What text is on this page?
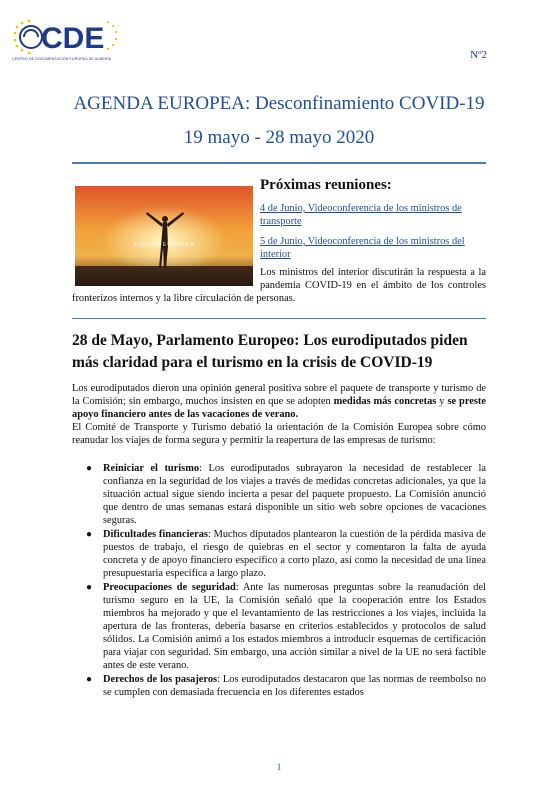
CDE
CENTRO DE DOCUMENTACIÓN EUROPEA DE ALMERÍA	Nº2
AGENDA EUROPEA: Desconfinamiento COVID-19
19 mayo - 28 mayo 2020
AGENDA EUROPEA
Próximas reuniones:
4 de Junio, Videoconferencia de los ministros de transporte
5 de Junio, Videoconferencia de los ministros del interior
Los ministros del interior discutirán la respuesta a la pandemia COVID-19 en el ámbito de los controles fronterizos internos y la libre circulación de personas.
28 de Mayo, Parlamento Europeo: Los eurodiputados piden más claridad para el turismo en la crisis de COVID-19
Los eurodiputados dieron una opinión general positiva sobre el paquete de transporte y turismo de la Comisión; sin embargo, muchos insisten en que se adopten medidas más concretas y se preste apoyo financiero antes de las vacaciones de verano.
El Comité de Transporte y Turismo debatió la orientación de la Comisión Europea sobre cómo reanudar los viajes de forma segura y permitir la reapertura de las empresas de turismo:
● Reiniciar el turismo: Los eurodiputados subrayaron la necesidad de restablecer la confianza en la seguridad de los viajes a través de medidas concretas adicionales, ya que la situación actual sigue siendo incierta a pesar del paquete propuesto. La Comisión anunció que dentro de unas semanas estará disponible un sitio web sobre opciones de vacaciones seguras.
● Dificultades financieras: Muchos diputados plantearon la cuestión de la pérdida masiva de puestos de trabajo, el riesgo de quiebras en el sector y comentaron la falta de ayuda concreta y de apoyo financiero específico a corto plazo, así como la necesidad de una línea presupuestaria específica a largo plazo.
● Preocupaciones de seguridad: Ante las numerosas preguntas sobre la reanudación del turismo seguro en la UE, la Comisión señaló que la cooperación entre los Estados miembros ha mejorado y que el levantamiento de las restricciones a los viajes, incluida la apertura de las fronteras, debería basarse en criterios establecidos y protocolos de salud sólidos. La Comisión animó a los estados miembros a introducir esquemas de certificación para viajar con seguridad. Sin embargo, una acción similar a nivel de la UE no será factible antes de este verano.
● Derechos de los pasajeros: Los eurodiputados destacaron que las normas de reembolso no se cumplen con demasiada frecuencia en los diferentes estados
1
